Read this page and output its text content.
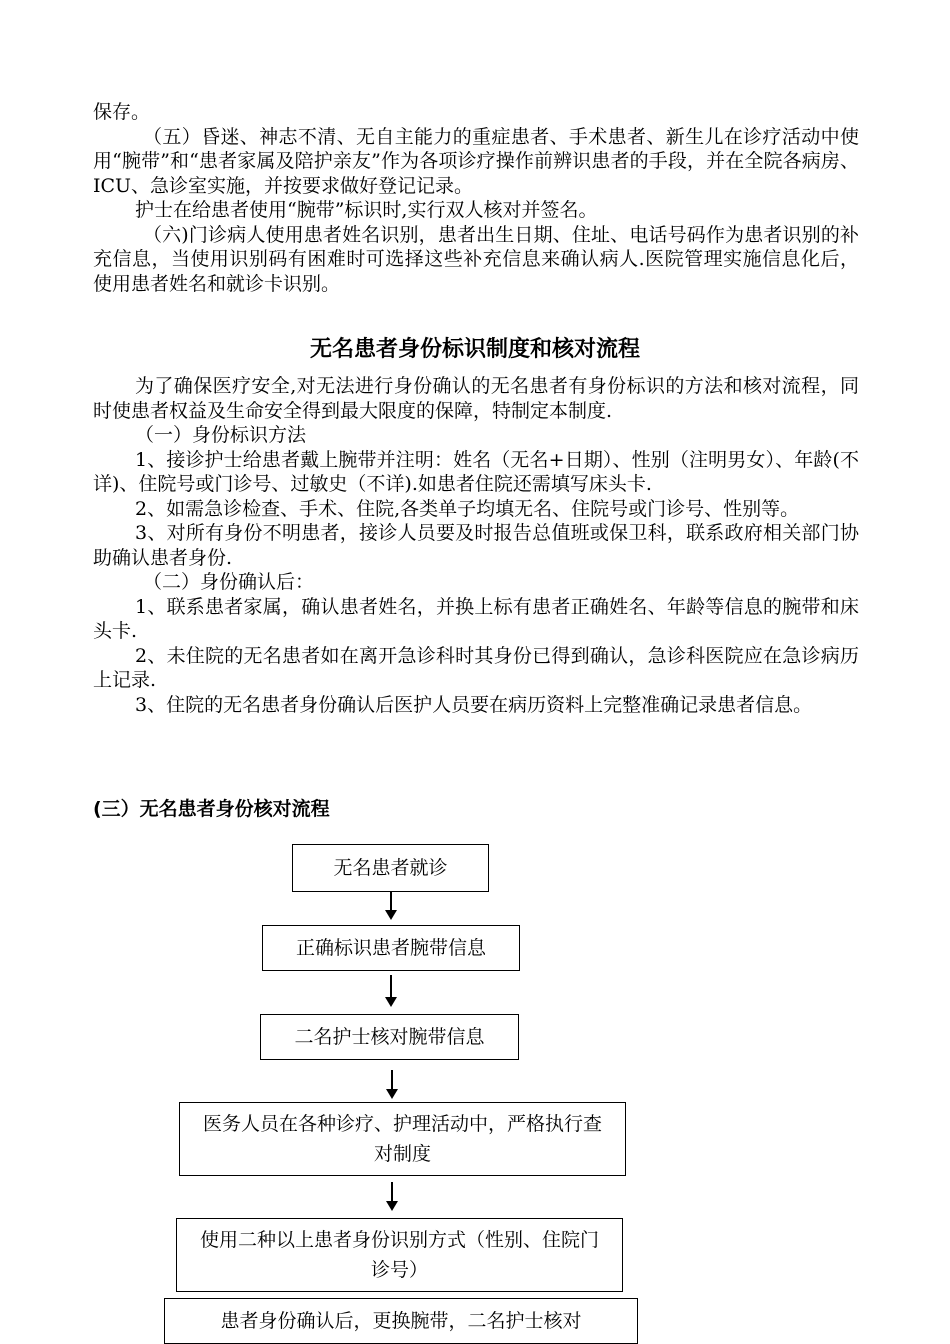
保存。

（五）昏迷、神志不清、无自主能力的重症患者、手术患者、新生儿在诊疗活动中使用“腕带”和“患者家属及陪护亲友”作为各项诊疗操作前辨识患者的手段，并在全院各病房、ICU、急诊室实施，并按要求做好登记记录。

护士在给患者使用“腕带”标识时,实行双人核对并签名。

（六)门诊病人使用患者姓名识别，患者出生日期、住址、电话号码作为患者识别的补充信息，当使用识别码有困难时可选择这些补充信息来确认病人.医院管理实施信息化后，使用患者姓名和就诊卡识别。

无名患者身份标识制度和核对流程

为了确保医疗安全,对无法进行身份确认的无名患者有身份标识的方法和核对流程，同时使患者权益及生命安全得到最大限度的保障，特制定本制度.

（一）身份标识方法

1、接诊护士给患者戴上腕带并注明：姓名（无名+日期）、性别（注明男女）、年龄(不详)、住院号或门诊号、过敏史（不详).如患者住院还需填写床头卡.

2、如需急诊检查、手术、住院,各类单子均填无名、住院号或门诊号、性别等。

3、对所有身份不明患者，接诊人员要及时报告总值班或保卫科，联系政府相关部门协助确认患者身份.

（二）身份确认后：

1、联系患者家属，确认患者姓名，并换上标有患者正确姓名、年龄等信息的腕带和床头卡.

2、未住院的无名患者如在离开急诊科时其身份已得到确认，急诊科医院应在急诊病历上记录.

3、住院的无名患者身份确认后医护人员要在病历资料上完整准确记录患者信息。

(三）无名患者身份核对流程
无名患者就诊
正确标识患者腕带信息
二名护士核对腕带信息
医务人员在各种诊疗、护理活动中，严格执行查对制度
使用二种以上患者身份识别方式（性别、住院门诊号）
患者身份确认后，更换腕带，二名护士核对
